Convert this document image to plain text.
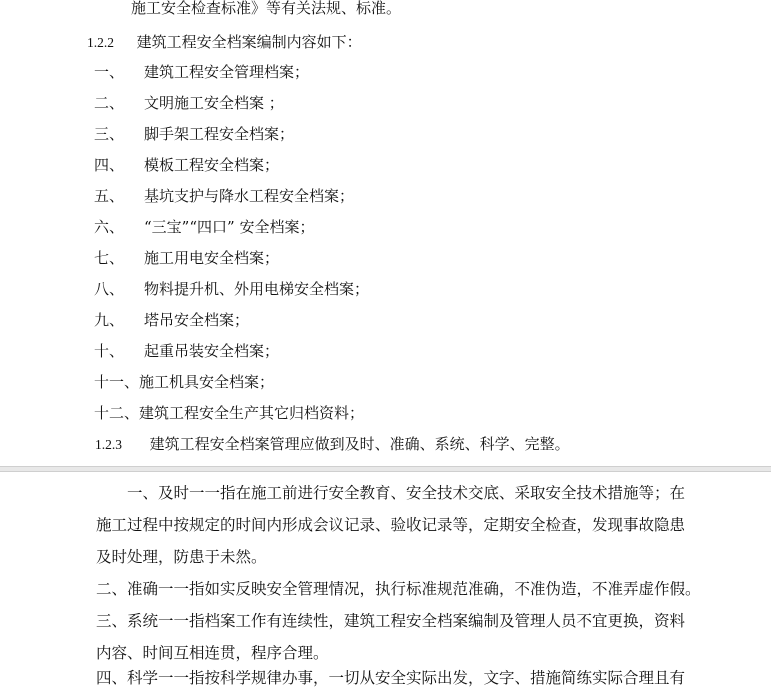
施工安全检查标准》等有关法规、标准。
1.2.2 建筑工程安全档案编制内容如下：
一、 建筑工程安全管理档案；
二、 文明施工安全档案 ；
三、 脚手架工程安全档案；
四、 模板工程安全档案；
五、 基坑支护与降水工程安全档案；
六、 “三宝”“四口” 安全档案；
七、 施工用电安全档案；
八、 物料提升机、外用电梯安全档案；
九、 塔吊安全档案；
十、 起重吊装安全档案；
十一、施工机具安全档案；
十二、建筑工程安全生产其它归档资料；
1.2.3 建筑工程安全档案管理应做到及时、准确、系统、科学、完整。
　　一、及时一一指在施工前进行安全教育、安全技术交底、采取安全技术措施等；在
施工过程中按规定的时间内形成会议记录、验收记录等，定期安全检查，发现事故隐患
及时处理，防患于未然。
二、准确一一指如实反映安全管理情况，执行标准规范准确，不准伪造，不准弄虚作假。
三、系统一一指档案工作有连续性，建筑工程安全档案编制及管理人员不宜更换，资料
内容、时间互相连贯，程序合理。
四、科学一一指按科学规律办事，一切从安全实际出发，文字、措施简练实际合理且有
